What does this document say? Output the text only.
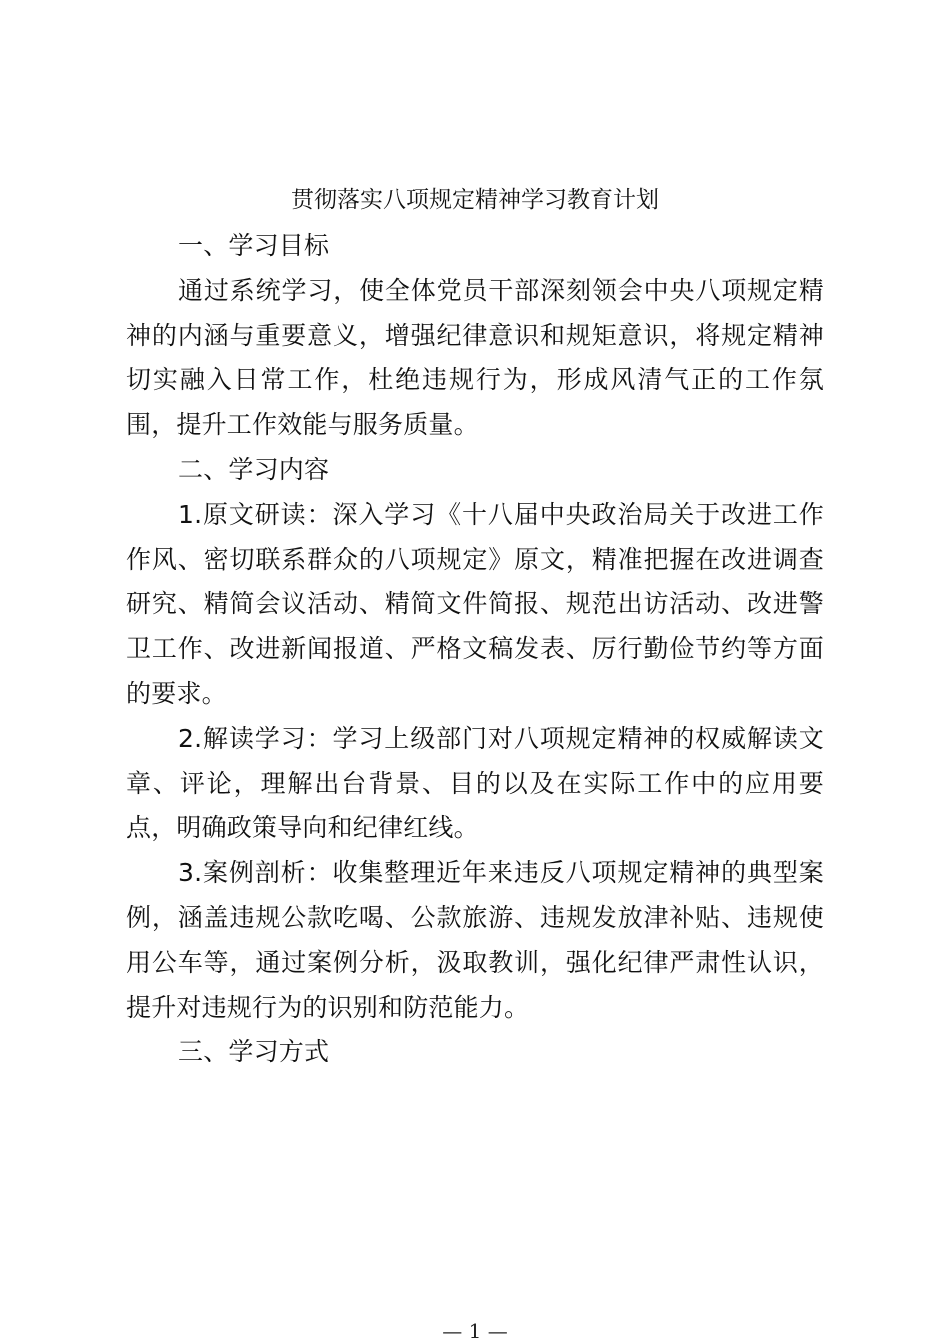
贯彻落实八项规定精神学习教育计划

一、学习目标

通过系统学习，使全体党员干部深刻领会中央八项规定精神的内涵与重要意义，增强纪律意识和规矩意识，将规定精神切实融入日常工作，杜绝违规行为，形成风清气正的工作氛围，提升工作效能与服务质量。

二、学习内容

1.原文研读：深入学习《十八届中央政治局关于改进工作作风、密切联系群众的八项规定》原文，精准把握在改进调查研究、精简会议活动、精简文件简报、规范出访活动、改进警卫工作、改进新闻报道、严格文稿发表、厉行勤俭节约等方面的要求。

2.解读学习：学习上级部门对八项规定精神的权威解读文章、评论，理解出台背景、目的以及在实际工作中的应用要点，明确政策导向和纪律红线。

3.案例剖析：收集整理近年来违反八项规定精神的典型案例，涵盖违规公款吃喝、公款旅游、违规发放津补贴、违规使用公车等，通过案例分析，汲取教训，强化纪律严肃性认识，提升对违规行为的识别和防范能力。

三、学习方式

— 1 —
